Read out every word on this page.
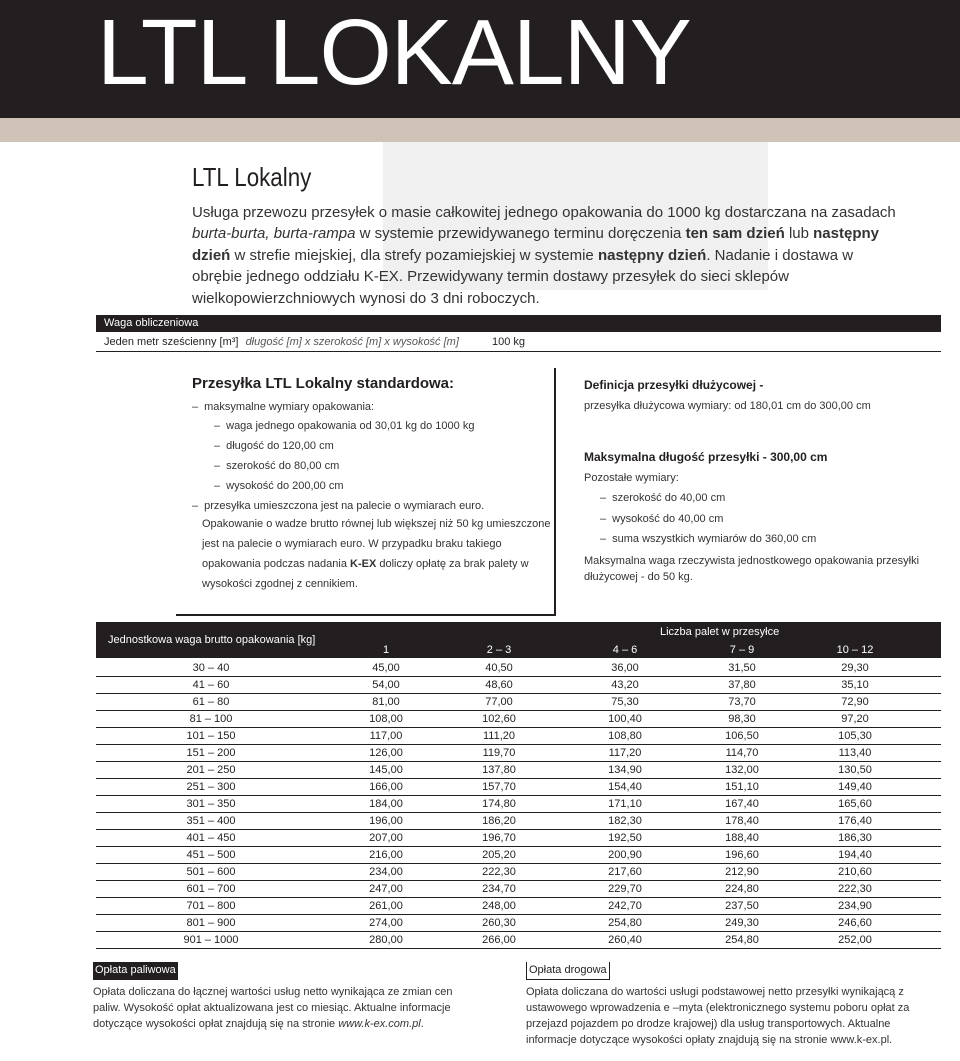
LTL LOKALNY
LTL Lokalny
Usługa przewozu przesyłek o masie całkowitej jednego opakowania do 1000 kg dostarczana na zasadach burta-burta, burta-rampa w systemie przewidywanego terminu doręczenia ten sam dzień lub następny dzień w strefie miejskiej, dla strefy pozamiejskiej w systemie następny dzień. Nadanie i dostawa w obrębie jednego oddziału K-EX. Przewidywany termin dostawy przesyłek do sieci sklepów wielkopowierzchniowych wynosi do 3 dni roboczych.
Waga obliczeniowa
Jeden metr sześcienny [m³] długość [m] x szerokość [m] x wysokość [m]	100 kg
Przesyłka LTL Lokalny standardowa:
– maksymalne wymiary opakowania:
– waga jednego opakowania od 30,01 kg do 1000 kg
– długość do 120,00 cm
– szerokość do 80,00 cm
– wysokość do 200,00 cm
– przesyłka umieszczona jest na palecie o wymiarach euro.
Opakowanie o wadze brutto równej lub większej niż 50 kg umieszczone jest na palecie o wymiarach euro. W przypadku braku takiego opakowania podczas nadania K-EX doliczy opłatę za brak palety w wysokości zgodnej z cennikiem.
Definicja przesyłki dłużycowej -
przesyłka dłużycowa wymiary: od 180,01 cm do 300,00 cm
Maksymalna długość przesyłki - 300,00 cm
Pozostałe wymiary:
– szerokość do 40,00 cm
– wysokość do 40,00 cm
– suma wszystkich wymiarów do 360,00 cm
Maksymalna waga rzeczywista jednostkowego opakowania przesyłki dłużycowej - do 50 kg.
Jednostkowa waga brutto opakowania [kg]
Liczba palet w przesyłce
1	2 – 3	4 – 6	7 – 9	10 – 12
30 – 40	45,00	40,50	36,00	31,50	29,30
41 – 60	54,00	48,60	43,20	37,80	35,10
61 – 80	81,00	77,00	75,30	73,70	72,90
81 – 100	108,00	102,60	100,40	98,30	97,20
101 – 150	117,00	111,20	108,80	106,50	105,30
151 – 200	126,00	119,70	117,20	114,70	113,40
201 – 250	145,00	137,80	134,90	132,00	130,50
251 – 300	166,00	157,70	154,40	151,10	149,40
301 – 350	184,00	174,80	171,10	167,40	165,60
351 – 400	196,00	186,20	182,30	178,40	176,40
401 – 450	207,00	196,70	192,50	188,40	186,30
451 – 500	216,00	205,20	200,90	196,60	194,40
501 – 600	234,00	222,30	217,60	212,90	210,60
601 – 700	247,00	234,70	229,70	224,80	222,30
701 – 800	261,00	248,00	242,70	237,50	234,90
801 – 900	274,00	260,30	254,80	249,30	246,60
901 – 1000	280,00	266,00	260,40	254,80	252,00
Opłata paliwowa
Opłata doliczana do łącznej wartości usług netto wynikająca ze zmian cen paliw. Wysokość opłat aktualizowana jest co miesiąc. Aktualne informacje dotyczące wysokości opłat znajdują się na stronie www.k-ex.com.pl.
Opłata drogowa
Opłata doliczana do wartości usługi podstawowej netto przesyłki wynikającą z ustawowego wprowadzenia e –myta (elektronicznego systemu poboru opłat za przejazd pojazdem po drodze krajowej) dla usług transportowych. Aktualne informacje dotyczące wysokości opłaty znajdują się na stronie www.k-ex.pl.
